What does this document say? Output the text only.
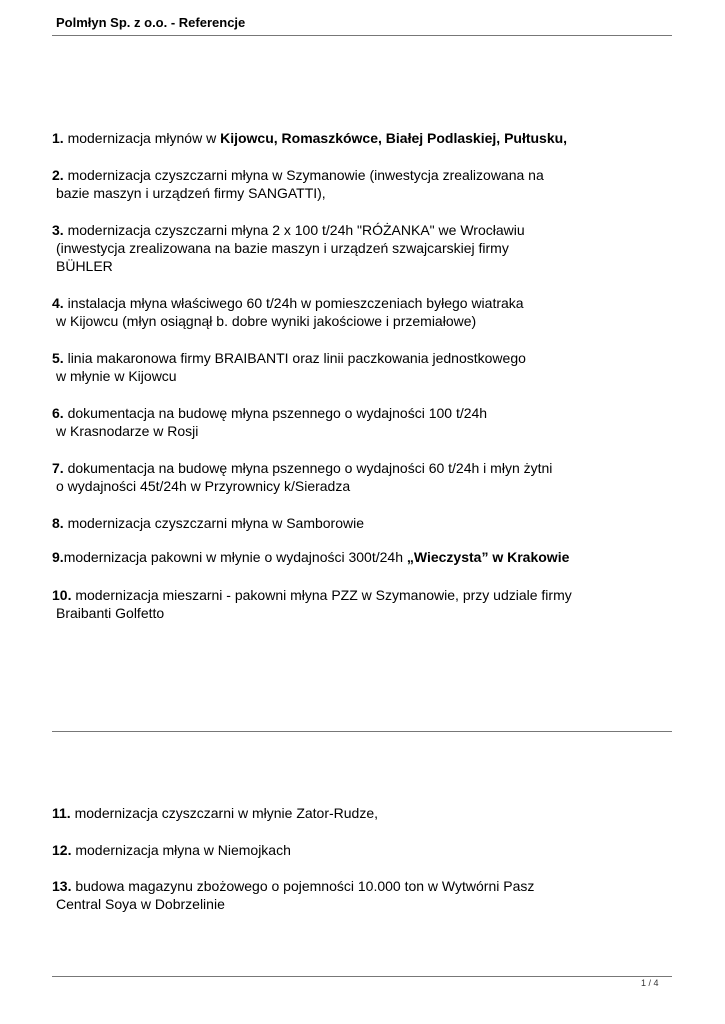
Polmłyn Sp. z o.o. - Referencje
1. modernizacja młynów w Kijowcu, Romaszkówce, Białej Podlaskiej, Pułtusku,
2. modernizacja czyszczarni młyna w Szymanowie (inwestycja zrealizowana na
bazie maszyn i urządzeń firmy SANGATTI),
3. modernizacja czyszczarni młyna 2 x 100 t/24h "RÓŻANKA" we Wrocławiu
(inwestycja zrealizowana na bazie maszyn i urządzeń szwajcarskiej firmy
BÜHLER
4. instalacja młyna właściwego 60 t/24h w pomieszczeniach byłego wiatraka
w Kijowcu (młyn osiągnął b. dobre wyniki jakościowe i przemiałowe)
5. linia makaronowa firmy BRAIBANTI oraz linii paczkowania jednostkowego
w młynie w Kijowcu
6. dokumentacja na budowę młyna pszennego o wydajności 100 t/24h
w Krasnodarze w Rosji
7. dokumentacja na budowę młyna pszennego o wydajności 60 t/24h i młyn żytni
o wydajności 45t/24h w Przyrownicy k/Sieradza
8. modernizacja czyszczarni młyna w Samborowie
9.modernizacja pakowni w młynie o wydajności 300t/24h „Wieczysta” w Krakowie
10. modernizacja mieszarni - pakowni młyna PZZ w Szymanowie, przy udziale firmy
Braibanti Golfetto
11. modernizacja czyszczarni w młynie Zator-Rudze,
12. modernizacja młyna w Niemojkach
13. budowa magazynu zbożowego o pojemności 10.000 ton w Wytwórni Pasz
Central Soya w Dobrzelinie
1 / 4
